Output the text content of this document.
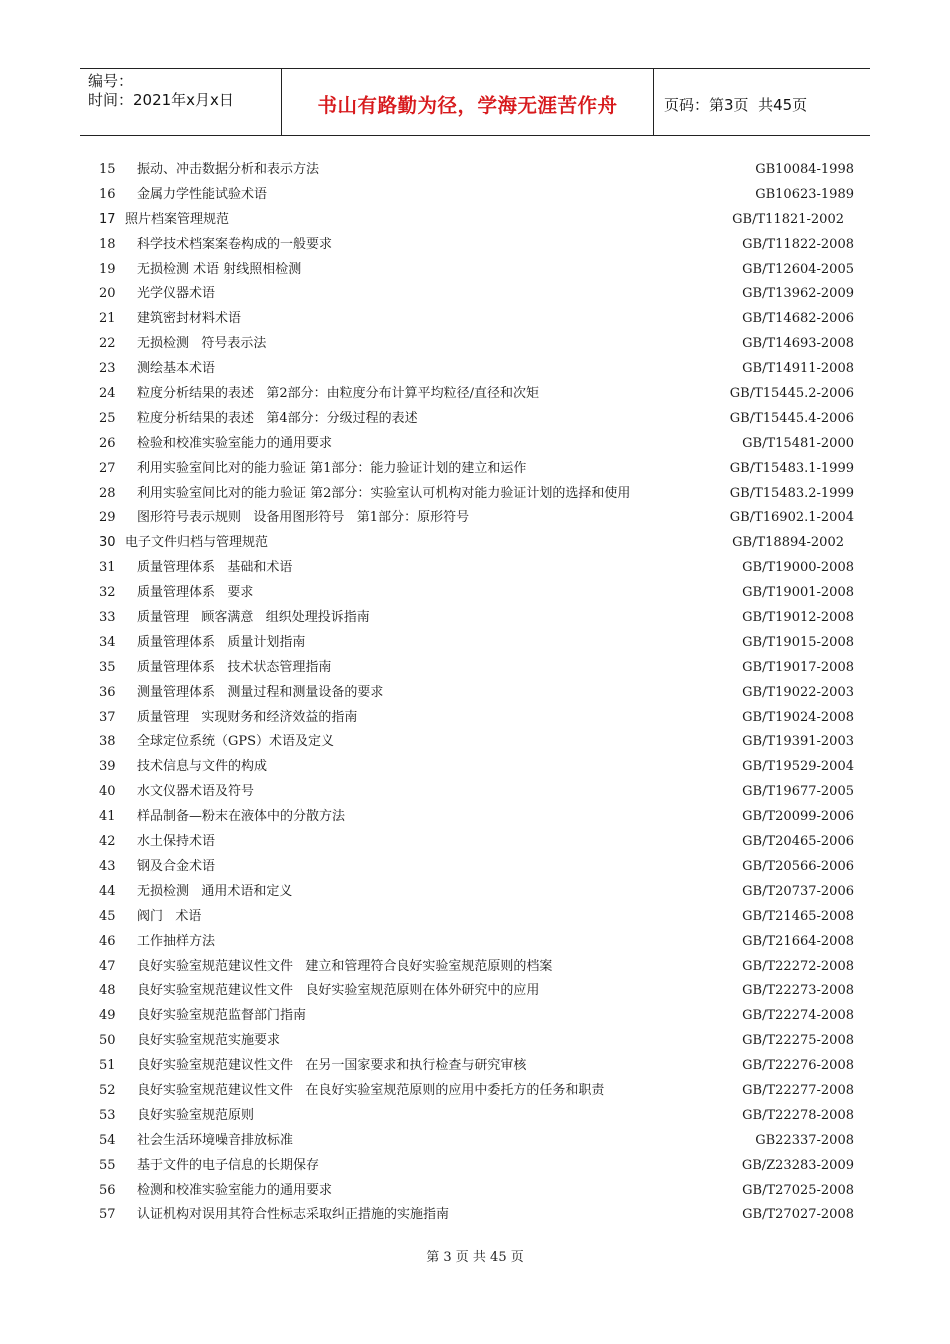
编号：
时间：2021年x月x日	书山有路勤为径，学海无涯苦作舟	页码：第3页  共45页
15	振动、冲击数据分析和表示方法	GB10084-1998
16	金属力学性能试验术语	GB10623-1989
17 照片档案管理规范	GB/T11821-2002
18	科学技术档案案卷构成的一般要求	GB/T11822-2008
19	无损检测 术语 射线照相检测	GB/T12604-2005
20	光学仪器术语	GB/T13962-2009
21	建筑密封材料术语	GB/T14682-2006
22	无损检测   符号表示法	GB/T14693-2008
23	测绘基本术语	GB/T14911-2008
24	粒度分析结果的表述   第2部分：由粒度分布计算平均粒径/直径和次矩	GB/T15445.2-2006
25	粒度分析结果的表述   第4部分：分级过程的表述	GB/T15445.4-2006
26	检验和校准实验室能力的通用要求	GB/T15481-2000
27	利用实验室间比对的能力验证 第1部分：能力验证计划的建立和运作	GB/T15483.1-1999
28	利用实验室间比对的能力验证 第2部分：实验室认可机构对能力验证计划的选择和使用	GB/T15483.2-1999
29	图形符号表示规则   设备用图形符号   第1部分：原形符号	GB/T16902.1-2004
30 电子文件归档与管理规范	GB/T18894-2002
31	质量管理体系   基础和术语	GB/T19000-2008
32	质量管理体系   要求	GB/T19001-2008
33	质量管理   顾客满意   组织处理投诉指南	GB/T19012-2008
34	质量管理体系   质量计划指南	GB/T19015-2008
35	质量管理体系   技术状态管理指南	GB/T19017-2008
36	测量管理体系   测量过程和测量设备的要求	GB/T19022-2003
37	质量管理   实现财务和经济效益的指南	GB/T19024-2008
38	全球定位系统（GPS）术语及定义	GB/T19391-2003
39	技术信息与文件的构成	GB/T19529-2004
40	水文仪器术语及符号	GB/T19677-2005
41	样品制备—粉末在液体中的分散方法	GB/T20099-2006
42	水土保持术语	GB/T20465-2006
43	钢及合金术语	GB/T20566-2006
44	无损检测   通用术语和定义	GB/T20737-2006
45	阀门   术语	GB/T21465-2008
46	工作抽样方法	GB/T21664-2008
47	良好实验室规范建议性文件   建立和管理符合良好实验室规范原则的档案	GB/T22272-2008
48	良好实验室规范建议性文件   良好实验室规范原则在体外研究中的应用	GB/T22273-2008
49	良好实验室规范监督部门指南	GB/T22274-2008
50	良好实验室规范实施要求	GB/T22275-2008
51	良好实验室规范建议性文件   在另一国家要求和执行检查与研究审核	GB/T22276-2008
52	良好实验室规范建议性文件   在良好实验室规范原则的应用中委托方的任务和职责	GB/T22277-2008
53	良好实验室规范原则	GB/T22278-2008
54	社会生活环境噪音排放标准	GB22337-2008
55	基于文件的电子信息的长期保存	GB/Z23283-2009
56	检测和校准实验室能力的通用要求	GB/T27025-2008
57	认证机构对误用其符合性标志采取纠正措施的实施指南	GB/T27027-2008
第 3 页 共 45 页
